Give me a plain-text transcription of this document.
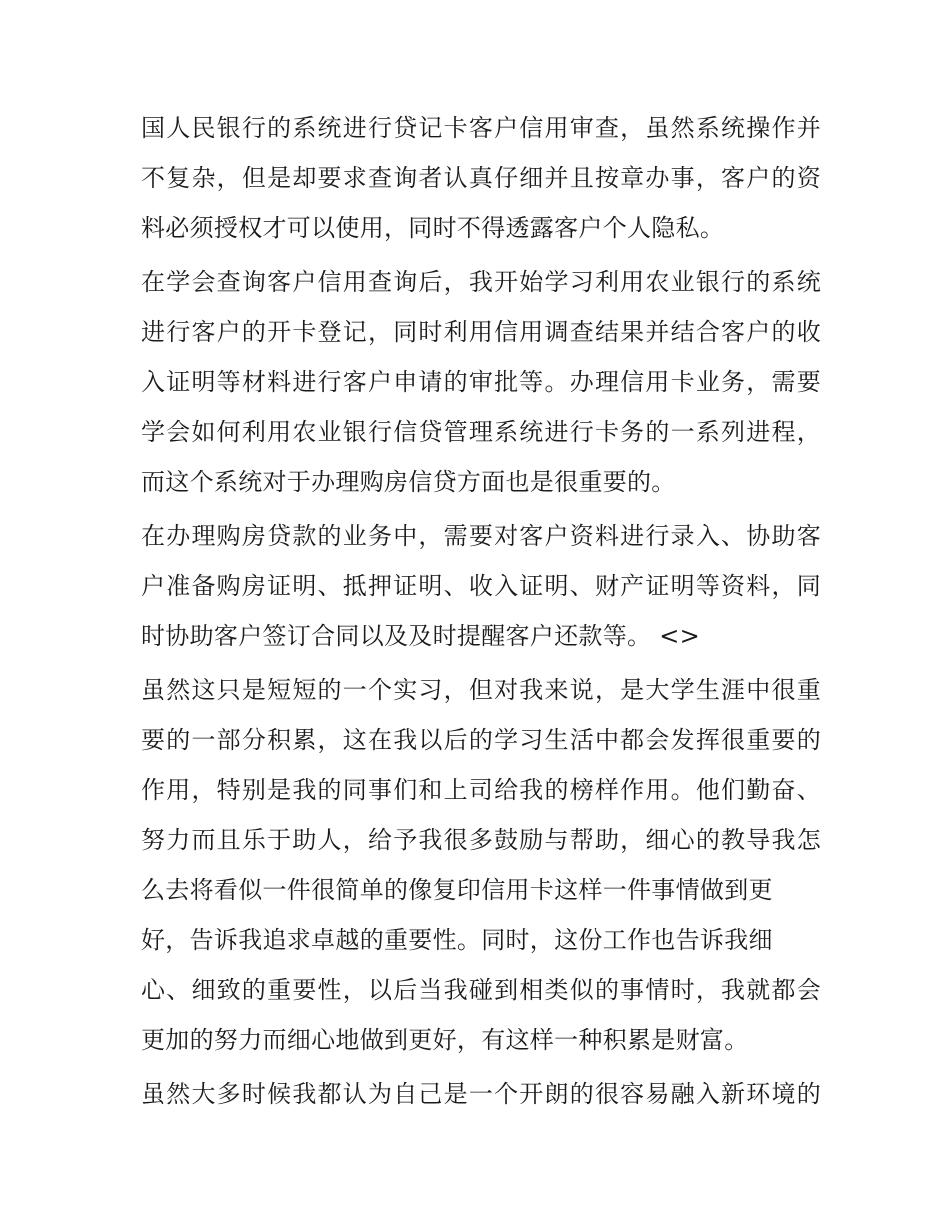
国人民银行的系统进行贷记卡客户信用审查，虽然系统操作并
不复杂，但是却要求查询者认真仔细并且按章办事，客户的资
料必须授权才可以使用，同时不得透露客户个人隐私。
在学会查询客户信用查询后，我开始学习利用农业银行的系统
进行客户的开卡登记，同时利用信用调查结果并结合客户的收
入证明等材料进行客户申请的审批等。办理信用卡业务，需要
学会如何利用农业银行信贷管理系统进行卡务的一系列进程，
而这个系统对于办理购房信贷方面也是很重要的。
在办理购房贷款的业务中，需要对客户资料进行录入、协助客
户准备购房证明、抵押证明、收入证明、财产证明等资料，同
时协助客户签订合同以及及时提醒客户还款等。 <>
虽然这只是短短的一个实习，但对我来说，是大学生涯中很重
要的一部分积累，这在我以后的学习生活中都会发挥很重要的
作用，特别是我的同事们和上司给我的榜样作用。他们勤奋、
努力而且乐于助人，给予我很多鼓励与帮助，细心的教导我怎
么去将看似一件很简单的像复印信用卡这样一件事情做到更
好，告诉我追求卓越的重要性。同时，这份工作也告诉我细
心、细致的重要性，以后当我碰到相类似的事情时，我就都会
更加的努力而细心地做到更好，有这样一种积累是财富。
虽然大多时候我都认为自己是一个开朗的很容易融入新环境的
